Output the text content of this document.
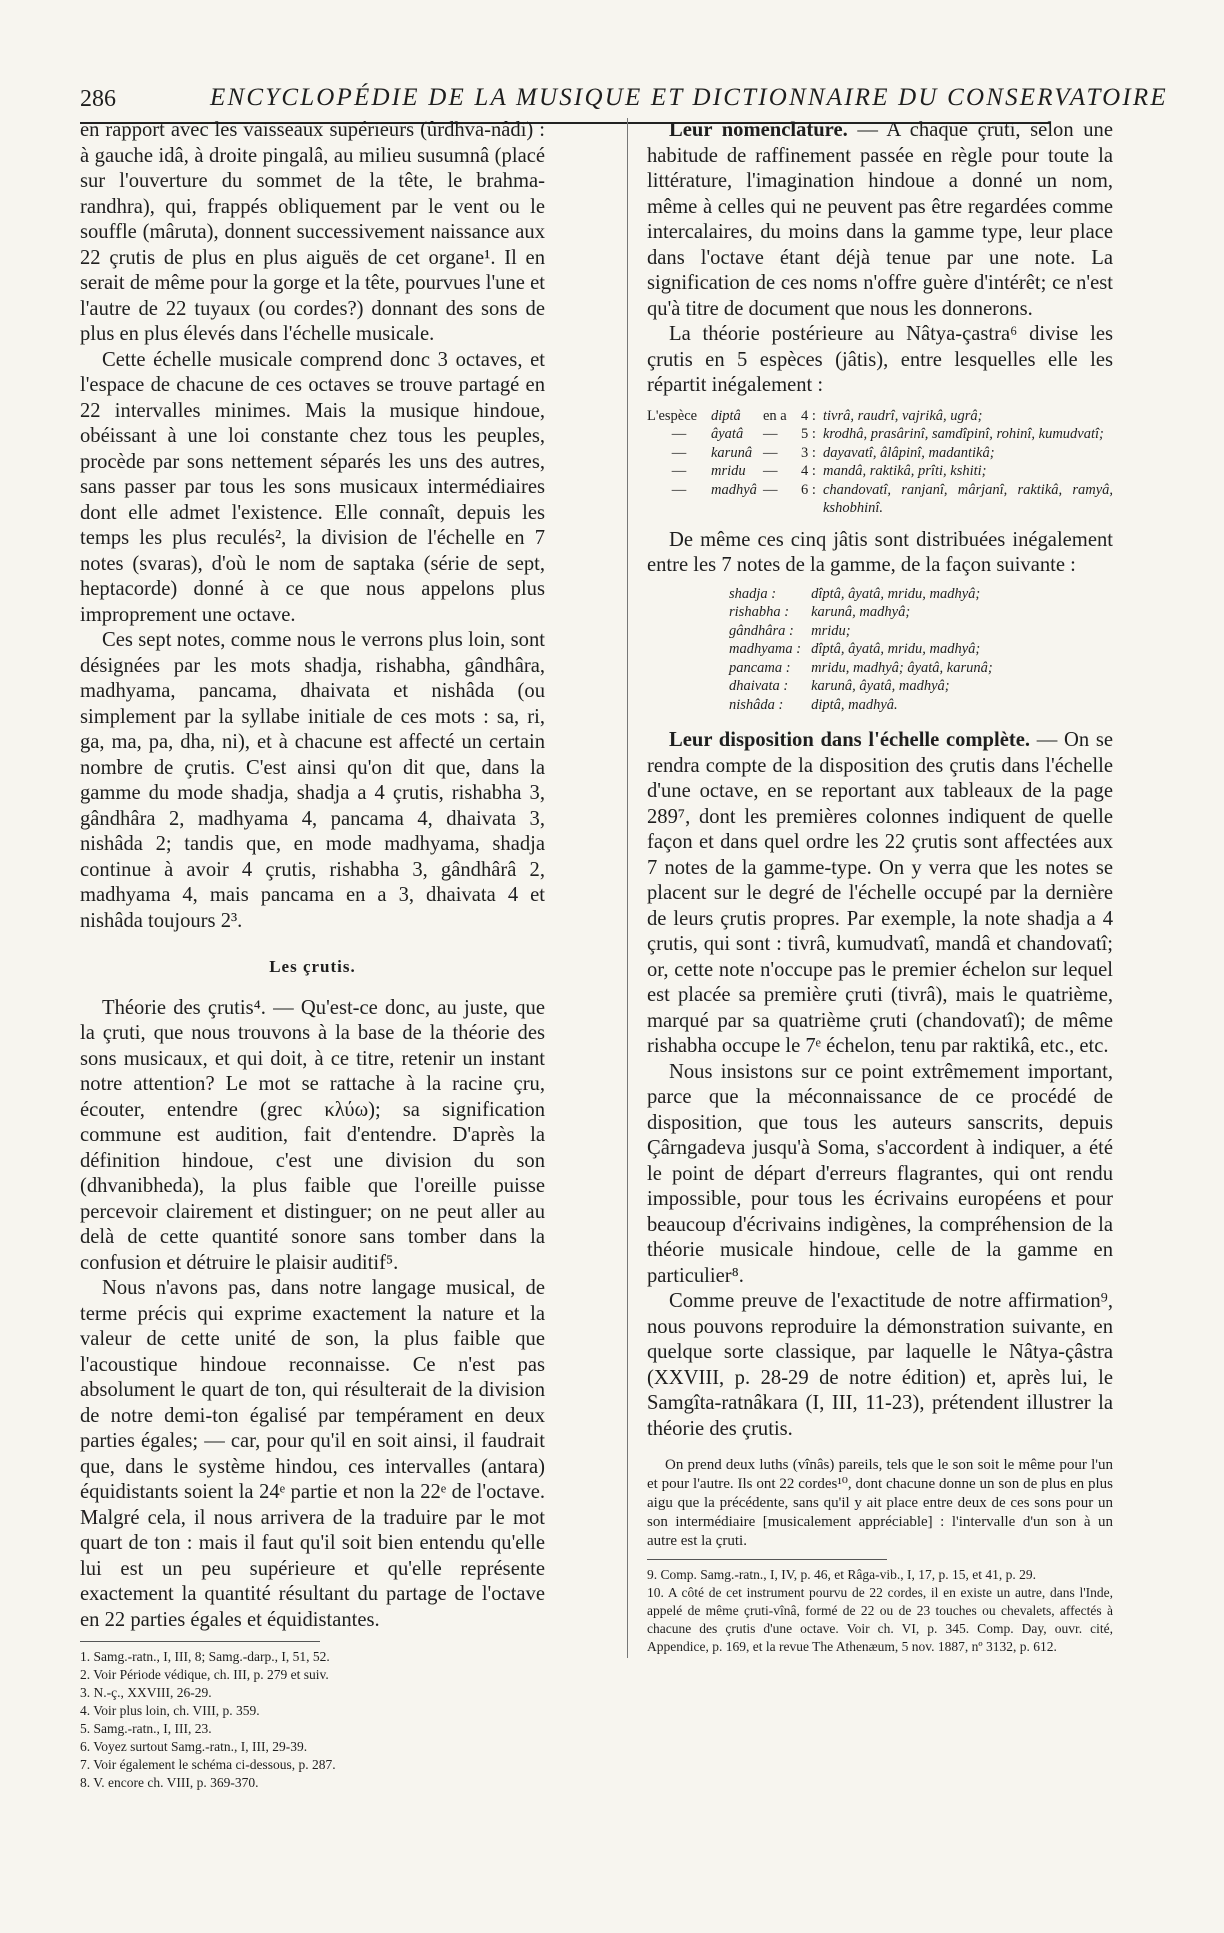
286	ENCYCLOPÉDIE DE LA MUSIQUE ET DICTIONNAIRE DU CONSERVATOIRE

en rapport avec les vaisseaux supérieurs (ûrdhva-nâdi) : à gauche idâ, à droite pingalâ, au milieu susumnâ (placé sur l'ouverture du sommet de la tête, le brahma-randhra), qui, frappés obliquement par le vent ou le souffle (mâruta), donnent successivement naissance aux 22 çrutis de plus en plus aiguës de cet organe¹. Il en serait de même pour la gorge et la tête, pourvues l'une et l'autre de 22 tuyaux (ou cordes?) donnant des sons de plus en plus élevés dans l'échelle musicale.

Cette échelle musicale comprend donc 3 octaves, et l'espace de chacune de ces octaves se trouve partagé en 22 intervalles minimes. Mais la musique hindoue, obéissant à une loi constante chez tous les peuples, procède par sons nettement séparés les uns des autres, sans passer par tous les sons musicaux intermédiaires dont elle admet l'existence. Elle connaît, depuis les temps les plus reculés², la division de l'échelle en 7 notes (svaras), d'où le nom de saptaka (série de sept, heptacorde) donné à ce que nous appelons plus improprement une octave.

Ces sept notes, comme nous le verrons plus loin, sont désignées par les mots shadja, rishabha, gândhâra, madhyama, pancama, dhaivata et nishâda (ou simplement par la syllabe initiale de ces mots : sa, ri, ga, ma, pa, dha, ni), et à chacune est affecté un certain nombre de çrutis. C'est ainsi qu'on dit que, dans la gamme du mode shadja, shadja a 4 çrutis, rishabha 3, gândhâra 2, madhyama 4, pancama 4, dhaivata 3, nishâda 2; tandis que, en mode madhyama, shadja continue à avoir 4 çrutis, rishabha 3, gândhârâ 2, madhyama 4, mais pancama en a 3, dhaivata 4 et nishâda toujours 2³.

Les çrutis.

Théorie des çrutis⁴. — Qu'est-ce donc, au juste, que la çruti, que nous trouvons à la base de la théorie des sons musicaux, et qui doit, à ce titre, retenir un instant notre attention? Le mot se rattache à la racine çru, écouter, entendre (grec κλύω); sa signification commune est audition, fait d'entendre. D'après la définition hindoue, c'est une division du son (dhvanibheda), la plus faible que l'oreille puisse percevoir clairement et distinguer; on ne peut aller au delà de cette quantité sonore sans tomber dans la confusion et détruire le plaisir auditif⁵.

Nous n'avons pas, dans notre langage musical, de terme précis qui exprime exactement la nature et la valeur de cette unité de son, la plus faible que l'acoustique hindoue reconnaisse. Ce n'est pas absolument le quart de ton, qui résulterait de la division de notre demi-ton égalisé par tempérament en deux parties égales; — car, pour qu'il en soit ainsi, il faudrait que, dans le système hindou, ces intervalles (antara) équidistants soient la 24ᵉ partie et non la 22ᵉ de l'octave. Malgré cela, il nous arrivera de la traduire par le mot quart de ton : mais il faut qu'il soit bien entendu qu'elle lui est un peu supérieure et qu'elle représente exactement la quantité résultant du partage de l'octave en 22 parties égales et équidistantes.

1. Samg.-ratn., I, III, 8; Samg.-darp., I, 51, 52.
2. Voir Période védique, ch. III, p. 279 et suiv.
3. N.-ç., XXVIII, 26-29.
4. Voir plus loin, ch. VIII, p. 359.
5. Samg.-ratn., I, III, 23.
6. Voyez surtout Samg.-ratn., I, III, 29-39.
7. Voir également le schéma ci-dessous, p. 287.
8. V. encore ch. VIII, p. 369-370.

Leur nomenclature. — A chaque çruti, selon une habitude de raffinement passée en règle pour toute la littérature, l'imagination hindoue a donné un nom, même à celles qui ne peuvent pas être regardées comme intercalaires, du moins dans la gamme type, leur place dans l'octave étant déjà tenue par une note. La signification de ces noms n'offre guère d'intérêt; ce n'est qu'à titre de document que nous les donnerons.

La théorie postérieure au Nâtya-çastra⁶ divise les çrutis en 5 espèces (jâtis), entre lesquelles elle les répartit inégalement :

L'espèce	diptâ	en a	4 :	tivrâ, raudrî, vajrikâ, ugrâ;
—	âyatâ	—	5 :	krodhâ, prasârinî, samdîpinî, rohinî, kumudvatî;
—	karunâ	—	3 :	dayavatî, âlâpinî, madantikâ;
—	mridu	—	4 :	mandâ, raktikâ, prîti, kshiti;
—	madhyâ	—	6 :	chandovatî, ranjanî, mârjanî, raktikâ, ramyâ, kshobhinî.

De même ces cinq jâtis sont distribuées inégalement entre les 7 notes de la gamme, de la façon suivante :

shadja :	dîptâ, âyatâ, mridu, madhyâ;
rishabha :	karunâ, madhyâ;
gândhâra :	mridu;
madhyama :	dîptâ, âyatâ, mridu, madhyâ;
pancama :	mridu, madhyâ; âyatâ, karunâ;
dhaivata :	karunâ, âyatâ, madhyâ;
nishâda :	diptâ, madhyâ.

Leur disposition dans l'échelle complète. — On se rendra compte de la disposition des çrutis dans l'échelle d'une octave, en se reportant aux tableaux de la page 289⁷, dont les premières colonnes indiquent de quelle façon et dans quel ordre les 22 çrutis sont affectées aux 7 notes de la gamme-type. On y verra que les notes se placent sur le degré de l'échelle occupé par la dernière de leurs çrutis propres. Par exemple, la note shadja a 4 çrutis, qui sont : tivrâ, kumudvatî, mandâ et chandovatî; or, cette note n'occupe pas le premier échelon sur lequel est placée sa première çruti (tivrâ), mais le quatrième, marqué par sa quatrième çruti (chandovatî); de même rishabha occupe le 7ᵉ échelon, tenu par raktikâ, etc., etc.

Nous insistons sur ce point extrêmement important, parce que la méconnaissance de ce procédé de disposition, que tous les auteurs sanscrits, depuis Çârngadeva jusqu'à Soma, s'accordent à indiquer, a été le point de départ d'erreurs flagrantes, qui ont rendu impossible, pour tous les écrivains européens et pour beaucoup d'écrivains indigènes, la compréhension de la théorie musicale hindoue, celle de la gamme en particulier⁸.

Comme preuve de l'exactitude de notre affirmation⁹, nous pouvons reproduire la démonstration suivante, en quelque sorte classique, par laquelle le Nâtya-çâstra (XXVIII, p. 28-29 de notre édition) et, après lui, le Samgîta-ratnâkara (I, III, 11-23), prétendent illustrer la théorie des çrutis.

On prend deux luths (vînâs) pareils, tels que le son soit le même pour l'un et pour l'autre. Ils ont 22 cordes¹⁰, dont chacune donne un son de plus en plus aigu que la précédente, sans qu'il y ait place entre deux de ces sons pour un son intermédiaire [musicalement appréciable] : l'intervalle d'un son à un autre est la çruti.

9. Comp. Samg.-ratn., I, IV, p. 46, et Râga-vib., I, 17, p. 15, et 41, p. 29.
10. A côté de cet instrument pourvu de 22 cordes, il en existe un autre, dans l'Inde, appelé de même çruti-vînâ, formé de 22 ou de 23 touches ou chevalets, affectés à chacune des çrutis d'une octave. Voir ch. VI, p. 345. Comp. Day, ouvr. cité, Appendice, p. 169, et la revue The Athenæum, 5 nov. 1887, nº 3132, p. 612.
